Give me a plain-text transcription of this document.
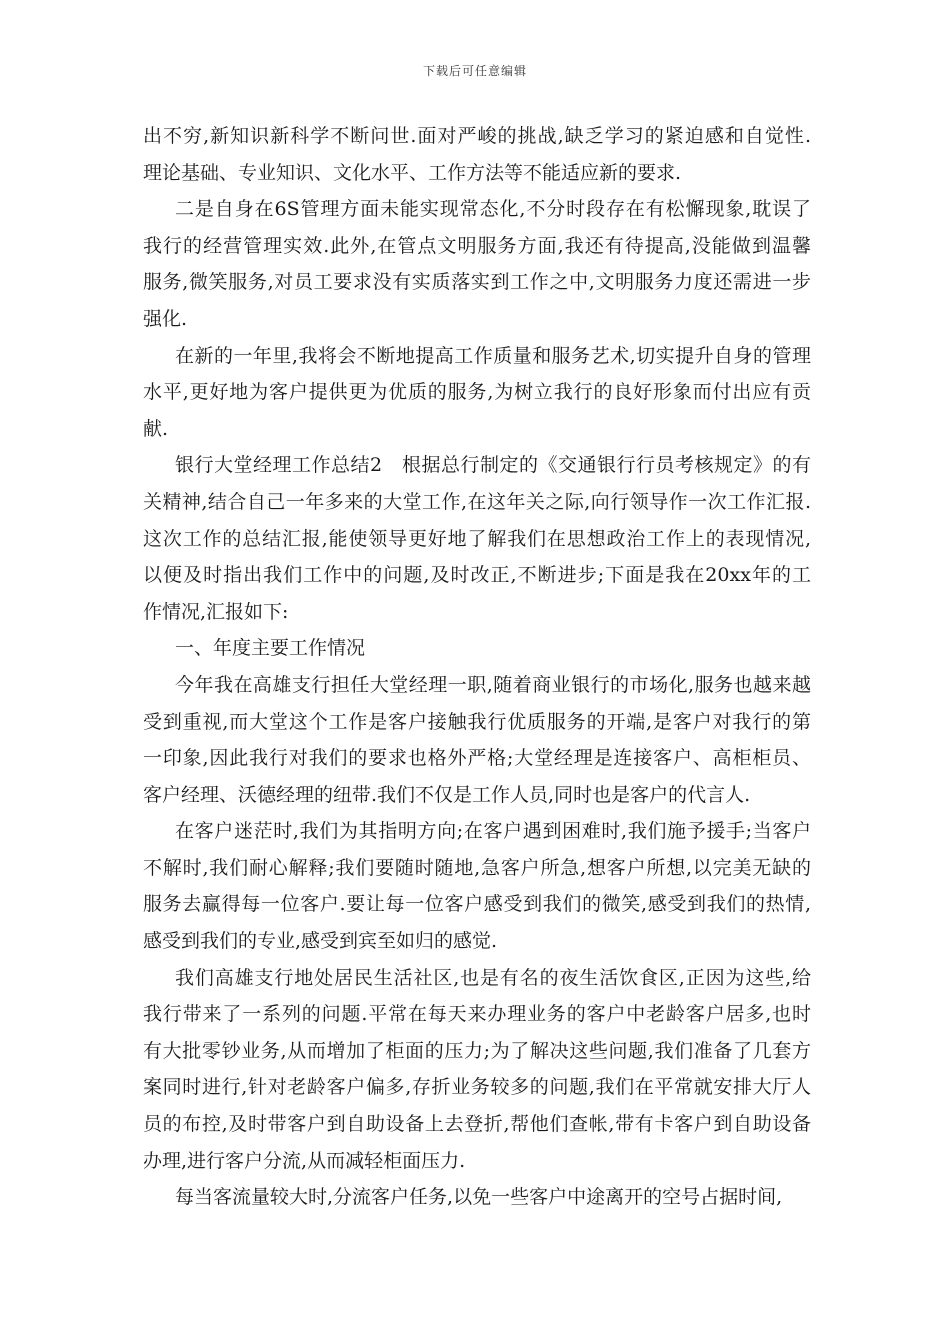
下载后可任意编辑
出不穷,新知识新科学不断问世.面对严峻的挑战,缺乏学习的紧迫感和自觉性.
理论基础、专业知识、文化水平、工作方法等不能适应新的要求.
二是自身在6S管理方面未能实现常态化,不分时段存在有松懈现象,耽误了
我行的经营管理实效.此外,在管点文明服务方面,我还有待提高,没能做到温馨
服务,微笑服务,对员工要求没有实质落实到工作之中,文明服务力度还需进一步
强化.
在新的一年里,我将会不断地提高工作质量和服务艺术,切实提升自身的管理
水平,更好地为客户提供更为优质的服务,为树立我行的良好形象而付出应有贡
献.
银行大堂经理工作总结2　根据总行制定的《交通银行行员考核规定》的有
关精神,结合自己一年多来的大堂工作,在这年关之际,向行领导作一次工作汇报.
这次工作的总结汇报,能使领导更好地了解我们在思想政治工作上的表现情况,
以便及时指出我们工作中的问题,及时改正,不断进步;下面是我在20xx年的工
作情况,汇报如下:
一、年度主要工作情况
今年我在高雄支行担任大堂经理一职,随着商业银行的市场化,服务也越来越
受到重视,而大堂这个工作是客户接触我行优质服务的开端,是客户对我行的第
一印象,因此我行对我们的要求也格外严格;大堂经理是连接客户、高柜柜员、
客户经理、沃德经理的纽带.我们不仅是工作人员,同时也是客户的代言人.
在客户迷茫时,我们为其指明方向;在客户遇到困难时,我们施予援手;当客户
不解时,我们耐心解释;我们要随时随地,急客户所急,想客户所想,以完美无缺的
服务去赢得每一位客户.要让每一位客户感受到我们的微笑,感受到我们的热情,
感受到我们的专业,感受到宾至如归的感觉.
我们高雄支行地处居民生活社区,也是有名的夜生活饮食区,正因为这些,给
我行带来了一系列的问题.平常在每天来办理业务的客户中老龄客户居多,也时
有大批零钞业务,从而增加了柜面的压力;为了解决这些问题,我们准备了几套方
案同时进行,针对老龄客户偏多,存折业务较多的问题,我们在平常就安排大厅人
员的布控,及时带客户到自助设备上去登折,帮他们查帐,带有卡客户到自助设备
办理,进行客户分流,从而减轻柜面压力.
每当客流量较大时,分流客户任务,以免一些客户中途离开的空号占据时间,
